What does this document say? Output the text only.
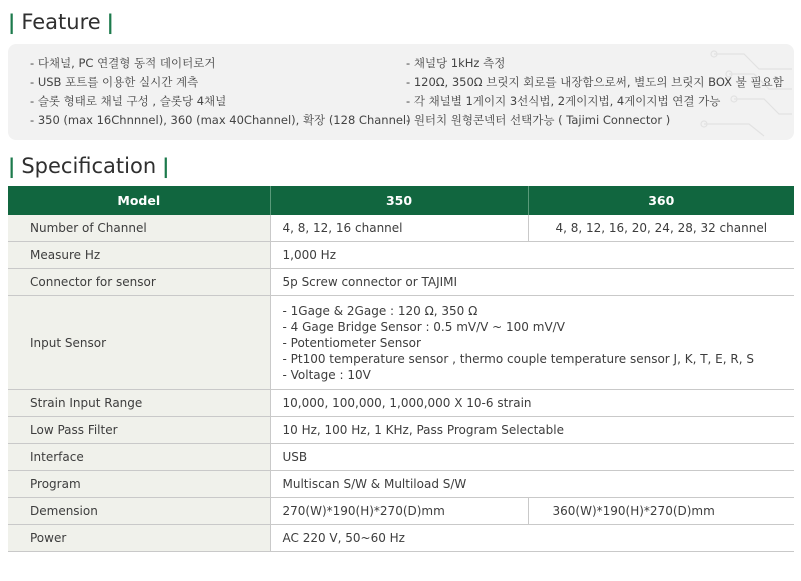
| Feature |
- 다채널, PC 연결형 동적 데이터로거
- USB 포트를 이용한 실시간 계측
- 슬롯 형태로 채널 구성 , 슬롯당 4채널
- 350 (max 16Chnnnel), 360 (max 40Channel), 확장 (128 Channel)
- 채널당 1kHz 측정
- 120Ω, 350Ω 브릿지 회로를 내장함으로써, 별도의 브릿지 BOX 불 필요함
- 각 채널별 1게이지 3선식법, 2게이지법, 4게이지법 연결 가능
- 원터치 원형콘넥터 선택가능 ( Tajimi Connector )
| Specification |
Model	350	360
Number of Channel	4, 8, 12, 16 channel	4, 8, 12, 16, 20, 24, 28, 32 channel
Measure Hz	1,000 Hz	
Connector for sensor	5p Screw connector or TAJIMI	
Input Sensor	- 1Gage & 2Gage : 120 Ω, 350 Ω
- 4 Gage Bridge Sensor : 0.5 mV/V ~ 100 mV/V
- Potentiometer Sensor
- Pt100 temperature sensor , thermo couple temperature sensor J, K, T, E, R, S
- Voltage : 10V	

Strain Input Range	10,000, 100,000, 1,000,000 X 10-6 strain	
Low Pass Filter	10 Hz, 100 Hz, 1 KHz, Pass Program Selectable	
Interface	USB	
Program	Multiscan S/W & Multiload S/W	
Demension	270(W)*190(H)*270(D)mm	360(W)*190(H)*270(D)mm
Power	AC 220 V, 50~60 Hz	
